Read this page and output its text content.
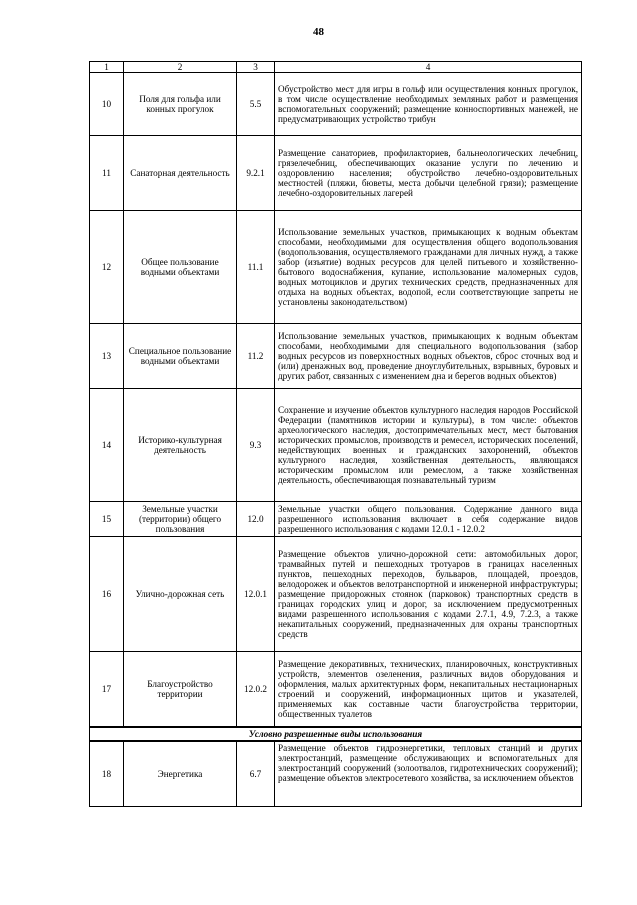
48
1	2	3	4
10	Поля для гольфа или конных прогулок	5.5	Обустройство мест для игры в гольф или осуществления конных прогулок, в том числе осуществление необходимых земляных работ и размещения вспомогательных сооружений; размещение конноспортивных манежей, не предусматривающих устройство трибун
11	Санаторная деятельность	9.2.1	Размещение санаториев, профилакториев, бальнеологических лечебниц, грязелечебниц, обеспечивающих оказание услуги по лечению и оздоровлению населения; обустройство лечебно-оздоровительных местностей (пляжи, бюветы, места добычи целебной грязи); размещение лечебно-оздоровительных лагерей
12	Общее пользование водными объектами	11.1	Использование земельных участков, примыкающих к водным объектам способами, необходимыми для осуществления общего водопользования (водопользования, осуществляемого гражданами для личных нужд, а также забор (изъятие) водных ресурсов для целей питьевого и хозяйственно-бытового водоснабжения, купание, использование маломерных судов, водных мотоциклов и других технических средств, предназначенных для отдыха на водных объектах, водопой, если соответствующие запреты не установлены законодательством)
13	Специальное пользование водными объектами	11.2	Использование земельных участков, примыкающих к водным объектам способами, необходимыми для специального водопользования (забор водных ресурсов из поверхностных водных объектов, сброс сточных вод и (или) дренажных вод, проведение дноуглубительных, взрывных, буровых и других работ, связанных с изменением дна и берегов водных объектов)
14	Историко-культурная деятельность	9.3	Сохранение и изучение объектов культурного наследия народов Российской Федерации (памятников истории и культуры), в том числе: объектов археологического наследия, достопримечательных мест, мест бытования исторических промыслов, производств и ремесел, исторических поселений, недействующих военных и гражданских захоронений, объектов культурного наследия, хозяйственная деятельность, являющаяся историческим промыслом или ремеслом, а также хозяйственная деятельность, обеспечивающая познавательный туризм
15	Земельные участки (территории) общего пользования	12.0	Земельные участки общего пользования. Содержание данного вида разрешенного использования включает в себя содержание видов разрешенного использования с кодами 12.0.1 - 12.0.2
16	Улично-дорожная сеть	12.0.1	Размещение объектов улично-дорожной сети: автомобильных дорог, трамвайных путей и пешеходных тротуаров в границах населенных пунктов, пешеходных переходов, бульваров, площадей, проездов, велодорожек и объектов велотранспортной и инженерной инфраструктуры; размещение придорожных стоянок (парковок) транспортных средств в границах городских улиц и дорог, за исключением предусмотренных видами разрешенного использования с кодами 2.7.1, 4.9, 7.2.3, а также некапитальных сооружений, предназначенных для охраны транспортных средств
17	Благоустройство территории	12.0.2	Размещение декоративных, технических, планировочных, конструктивных устройств, элементов озеленения, различных видов оборудования и оформления, малых архитектурных форм, некапитальных нестационарных строений и сооружений, информационных щитов и указателей, применяемых как составные части благоустройства территории, общественных туалетов
Условно разрешенные виды использования			
18	Энергетика	6.7	Размещение объектов гидроэнергетики, тепловых станций и других электростанций, размещение обслуживающих и вспомогательных для электростанций сооружений (золоотвалов, гидротехнических сооружений); размещение объектов электросетевого хозяйства, за исключением объектов
